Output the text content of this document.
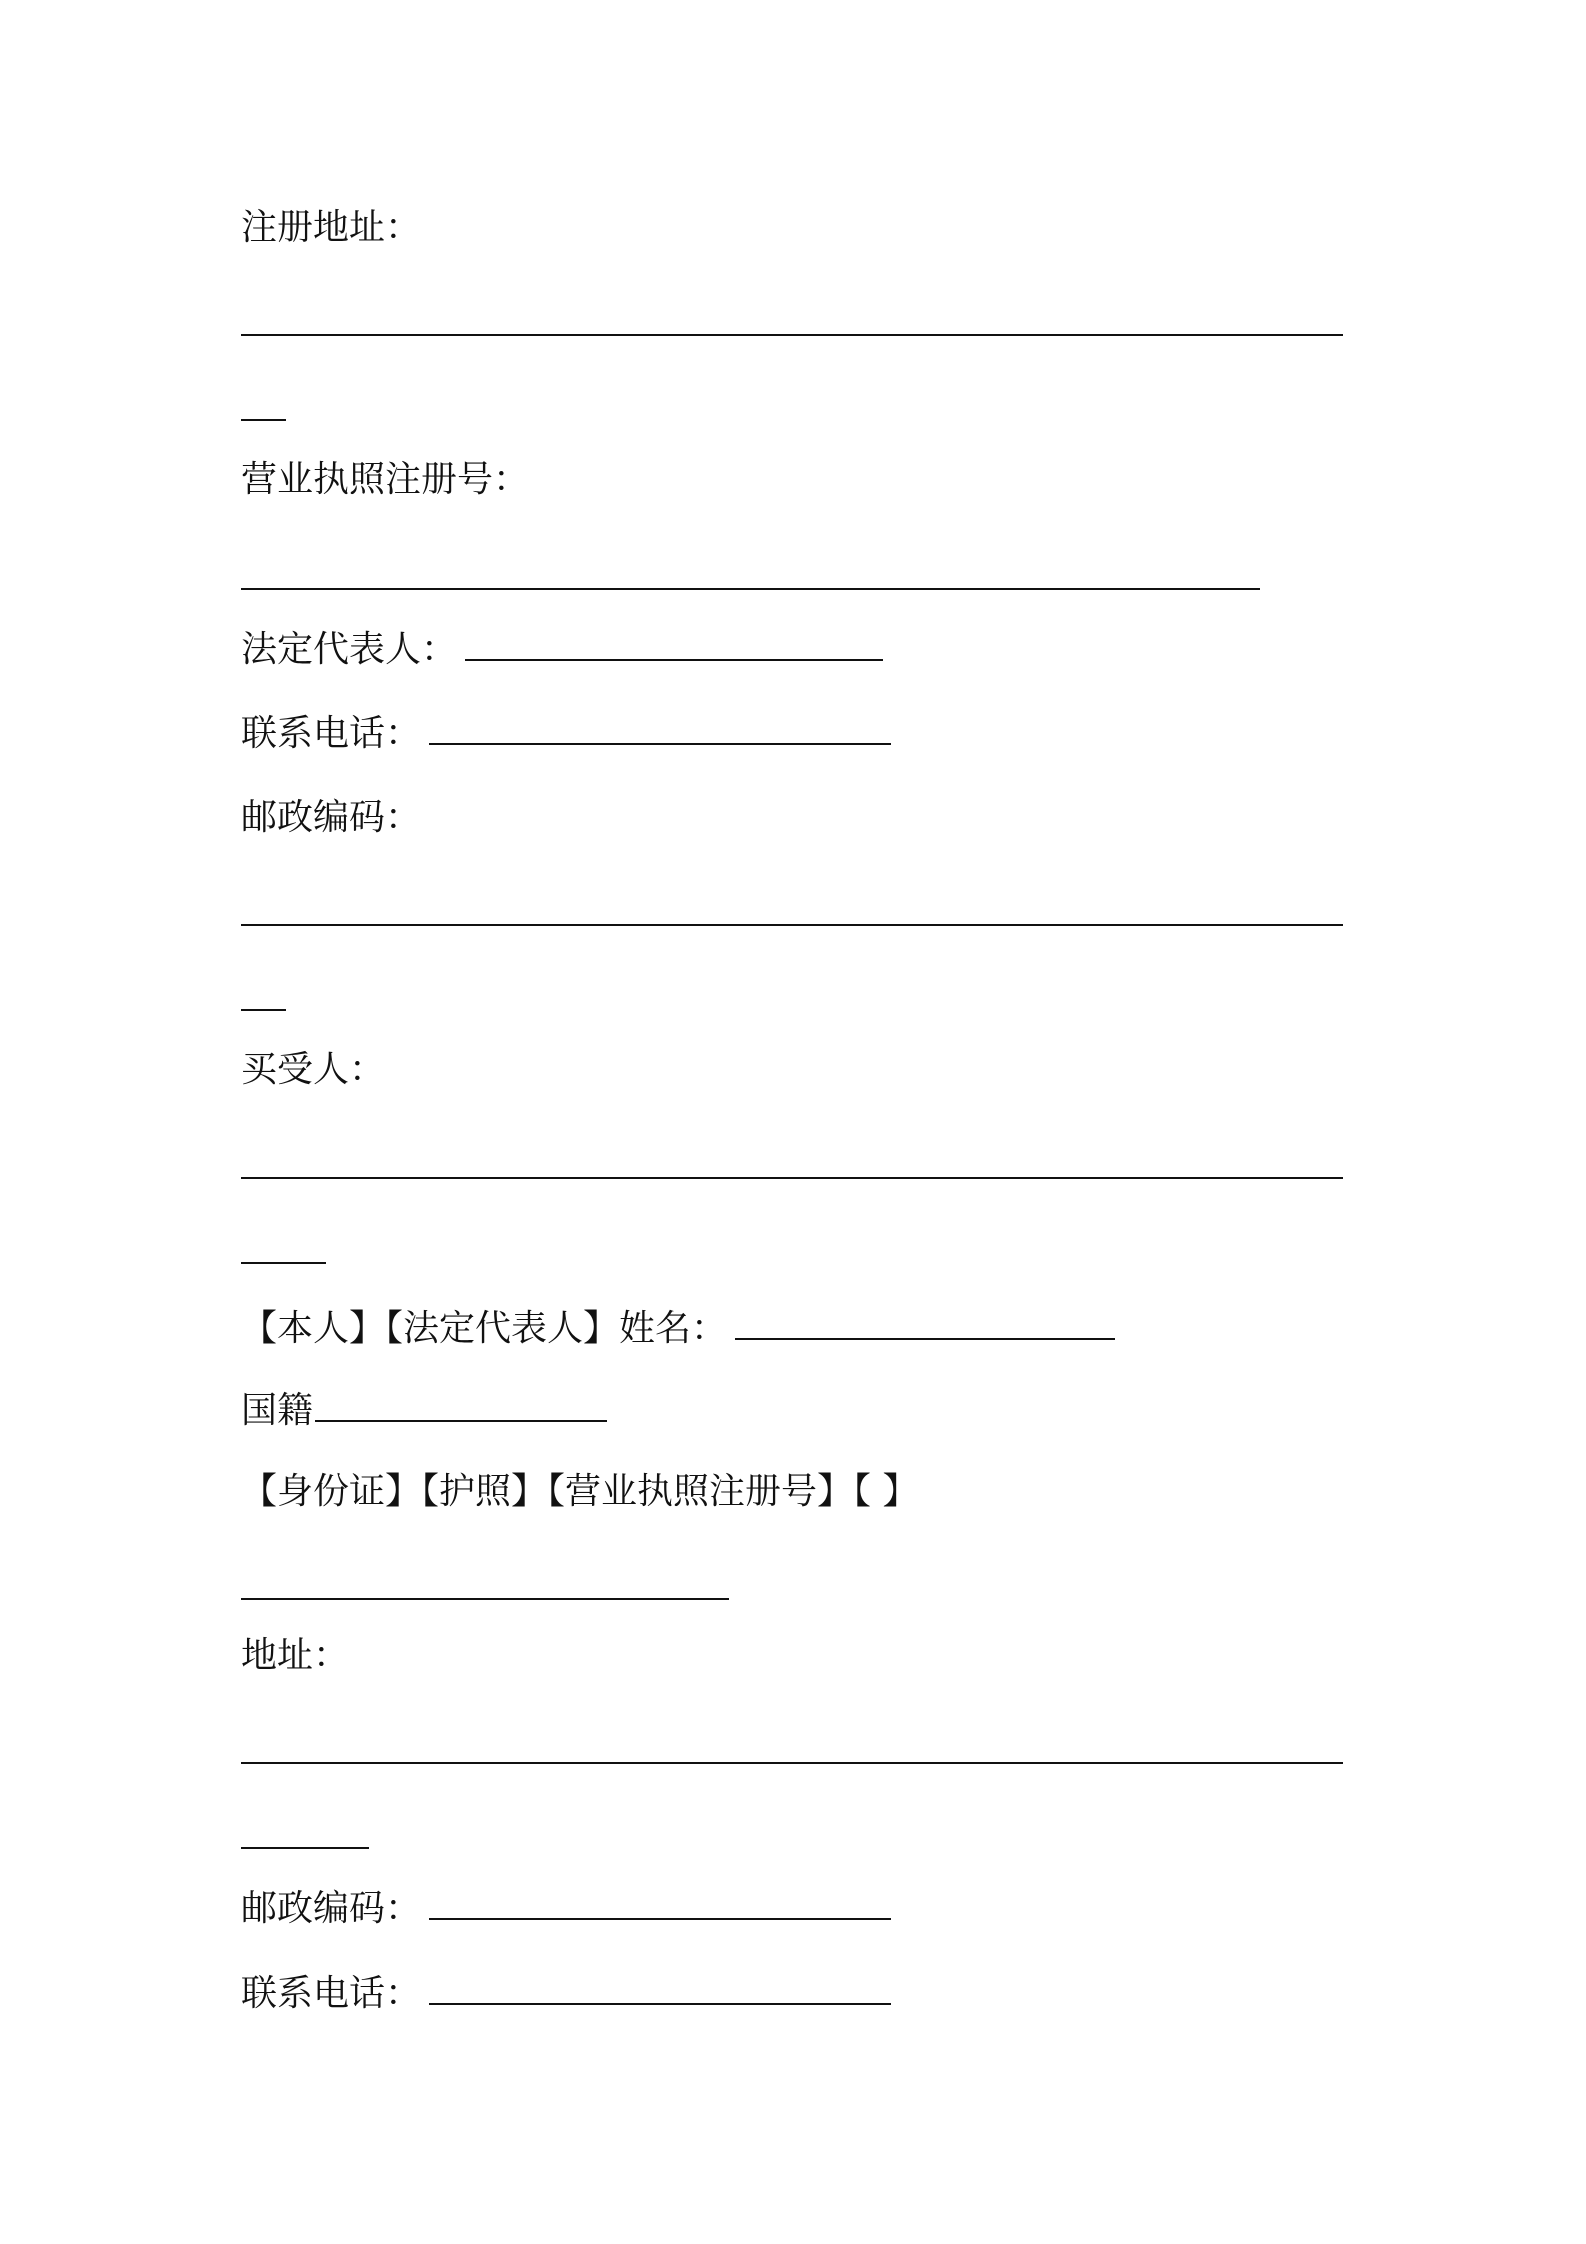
注册地址：
营业执照注册号：
法定代表人：
联系电话：
邮政编码：
买受人：
【本人】【法定代表人】姓名：
国籍
【身份证】【护照】【营业执照注册号】【 】
地址：
邮政编码：
联系电话：
